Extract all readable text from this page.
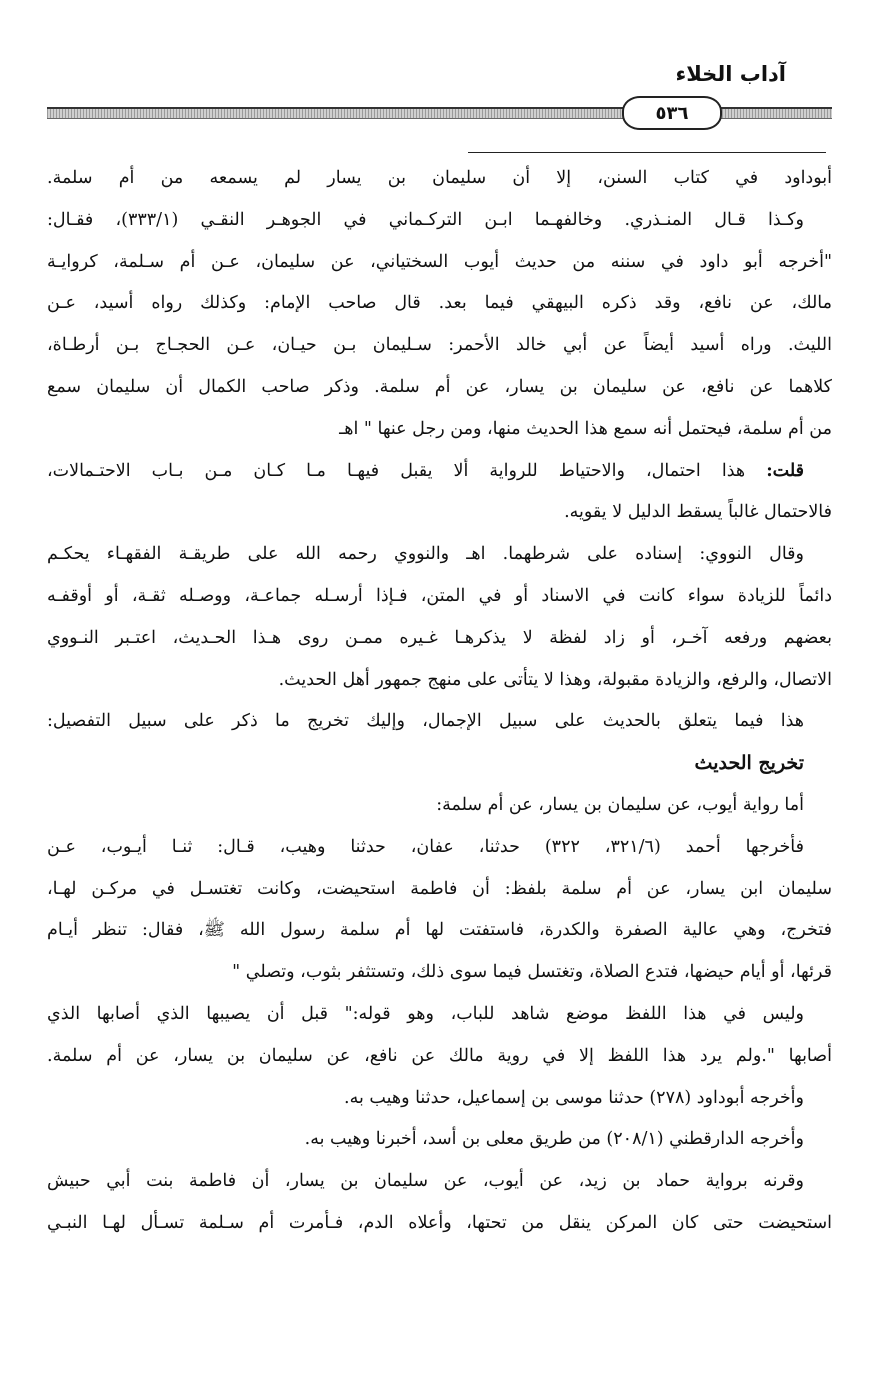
آداب الخلاء
٥٣٦
أبوداود في كتاب السنن، إلا أن سليمان بن يسار لم يسمعه من أم سلمة.
وكـذا قـال المنـذري. وخالفهـما ابـن التركـماني في الجوهـر النقـي (٣٣٣/١)، فقـال:
"أخرجه أبو داود في سننه من حديث أيوب السختياني، عن سليمان، عـن أم سـلمة، كروايـة
مالك، عن نافع، وقد ذكره البيهقي فيما بعد. قال صاحب الإمام: وكذلك رواه أسيد، عـن
الليث. وراه أسيد أيضاً عن أبي خالد الأحمر: سـليمان بـن حيـان، عـن الحجـاج بـن أرطـاة،
كلاهما عن نافع، عن سليمان بن يسار، عن أم سلمة. وذكر صاحب الكمال أن سليمان سمع
من أم سلمة، فيحتمل أنه سمع هذا الحديث منها، ومن رجل عنها " اهـ
قلت: هذا احتمال، والاحتياط للرواية ألا يقبل فيهـا مـا كـان مـن بـاب الاحتـمالات،
فالاحتمال غالباً يسقط الدليل لا يقويه.
وقال النووي: إسناده على شرطهما. اهـ والنووي رحمه الله على طريقـة الفقهـاء يحكـم
دائماً للزيادة سواء كانت في الاسناد أو في المتن، فـإذا أرسـله جماعـة، ووصـله ثقـة، أو أوقفـه
بعضهم ورفعه آخـر، أو زاد لفظة لا يذكرهـا غـيره ممـن روى هـذا الحـديث، اعتـبر النـووي
الاتصال، والرفع، والزيادة مقبولة، وهذا لا يتأتى على منهج جمهور أهل الحديث.
هذا فيما يتعلق بالحديث على سبيل الإجمال، وإليك تخريج ما ذكر على سبيل التفصيل:
تخريج الحديث
أما رواية أيوب، عن سليمان بن يسار، عن أم سلمة:
فأخرجها أحمد (٣٢١/٦، ٣٢٢) حدثنا، عفان، حدثنا وهيب، قـال: ثنـا أيـوب، عـن
سليمان ابن يسار، عن أم سلمة بلفظ: أن فاطمة استحيضت، وكانت تغتسـل في مركـن لهـا،
فتخرج، وهي عالية الصفرة والكدرة، فاستفتت لها أم سلمة رسول الله ﷺ، فقال: تنظر أيـام
قرئها، أو أيام حيضها، فتدع الصلاة، وتغتسل فيما سوى ذلك، وتستثفر بثوب، وتصلي "
وليس في هذا اللفظ موضع شاهد للباب، وهو قوله:" قبل أن يصيبها الذي أصابها الذي
أصابها ".ولم يرد هذا اللفظ إلا في روية مالك عن نافع، عن سليمان بن يسار، عن أم سلمة.
وأخرجه أبوداود (٢٧٨) حدثنا موسى بن إسماعيل، حدثنا وهيب به.
وأخرجه الدارقطني (٢٠٨/١) من طريق معلى بن أسد، أخبرنا وهيب به.
وقرنه برواية حماد بن زيد، عن أيوب، عن سليمان بن يسار، أن فاطمة بنت أبي حبيش
استحيضت حتى كان المركن ينقل من تحتها، وأعلاه الدم، فـأمرت أم سـلمة تسـأل لهـا النبـي
